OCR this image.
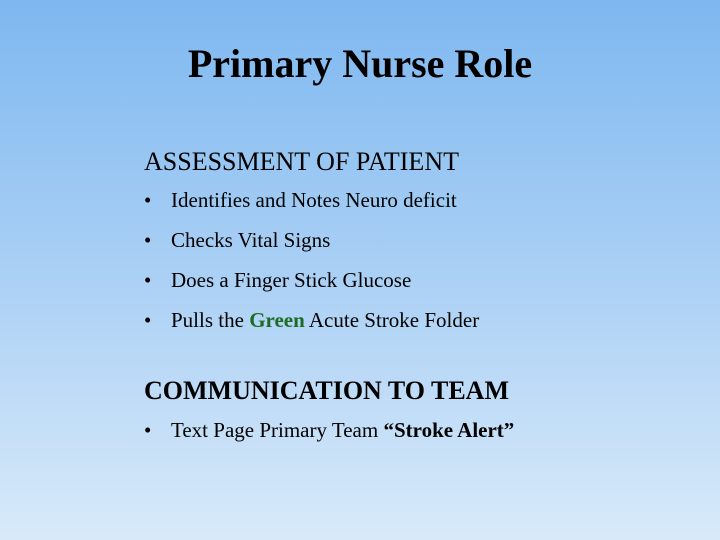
Primary Nurse Role
ASSESSMENT OF PATIENT
• Identifies and Notes Neuro deficit
• Checks Vital Signs
• Does a Finger Stick Glucose
• Pulls the Green Acute Stroke Folder
COMMUNICATION TO TEAM
• Text Page Primary Team “Stroke Alert”
